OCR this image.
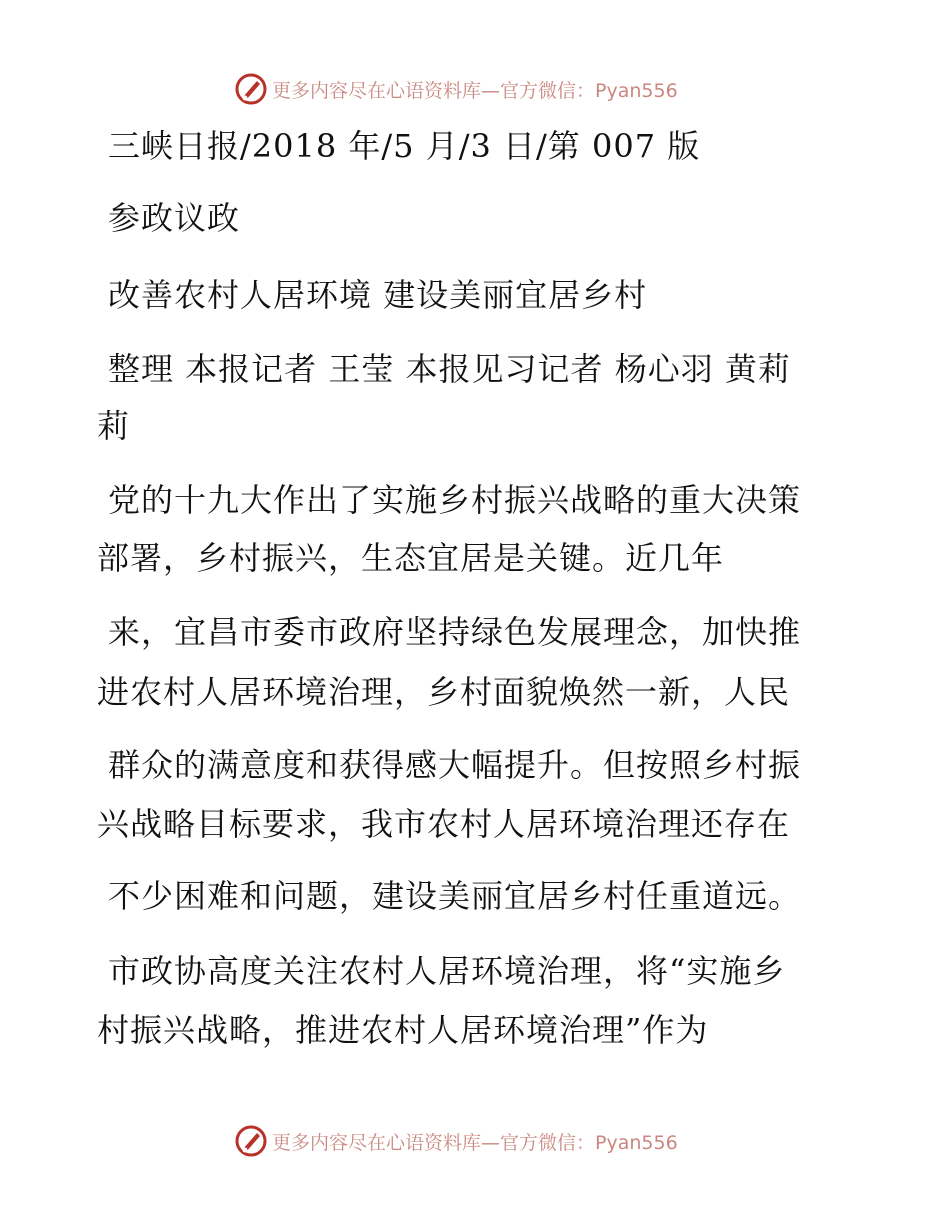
更多内容尽在心语资料库—官方微信：Pyan556
三峡日报/2018 年/5 月/3 日/第 007 版
参政议政
改善农村人居环境 建设美丽宜居乡村
整理 本报记者 王莹 本报见习记者 杨心羽 黄莉
莉
党的十九大作出了实施乡村振兴战略的重大决策
部署，乡村振兴，生态宜居是关键。近几年
来，宜昌市委市政府坚持绿色发展理念，加快推
进农村人居环境治理，乡村面貌焕然一新，人民
群众的满意度和获得感大幅提升。但按照乡村振
兴战略目标要求，我市农村人居环境治理还存在
不少困难和问题，建设美丽宜居乡村任重道远。
市政协高度关注农村人居环境治理，将“实施乡
村振兴战略，推进农村人居环境治理”作为
更多内容尽在心语资料库—官方微信：Pyan556
